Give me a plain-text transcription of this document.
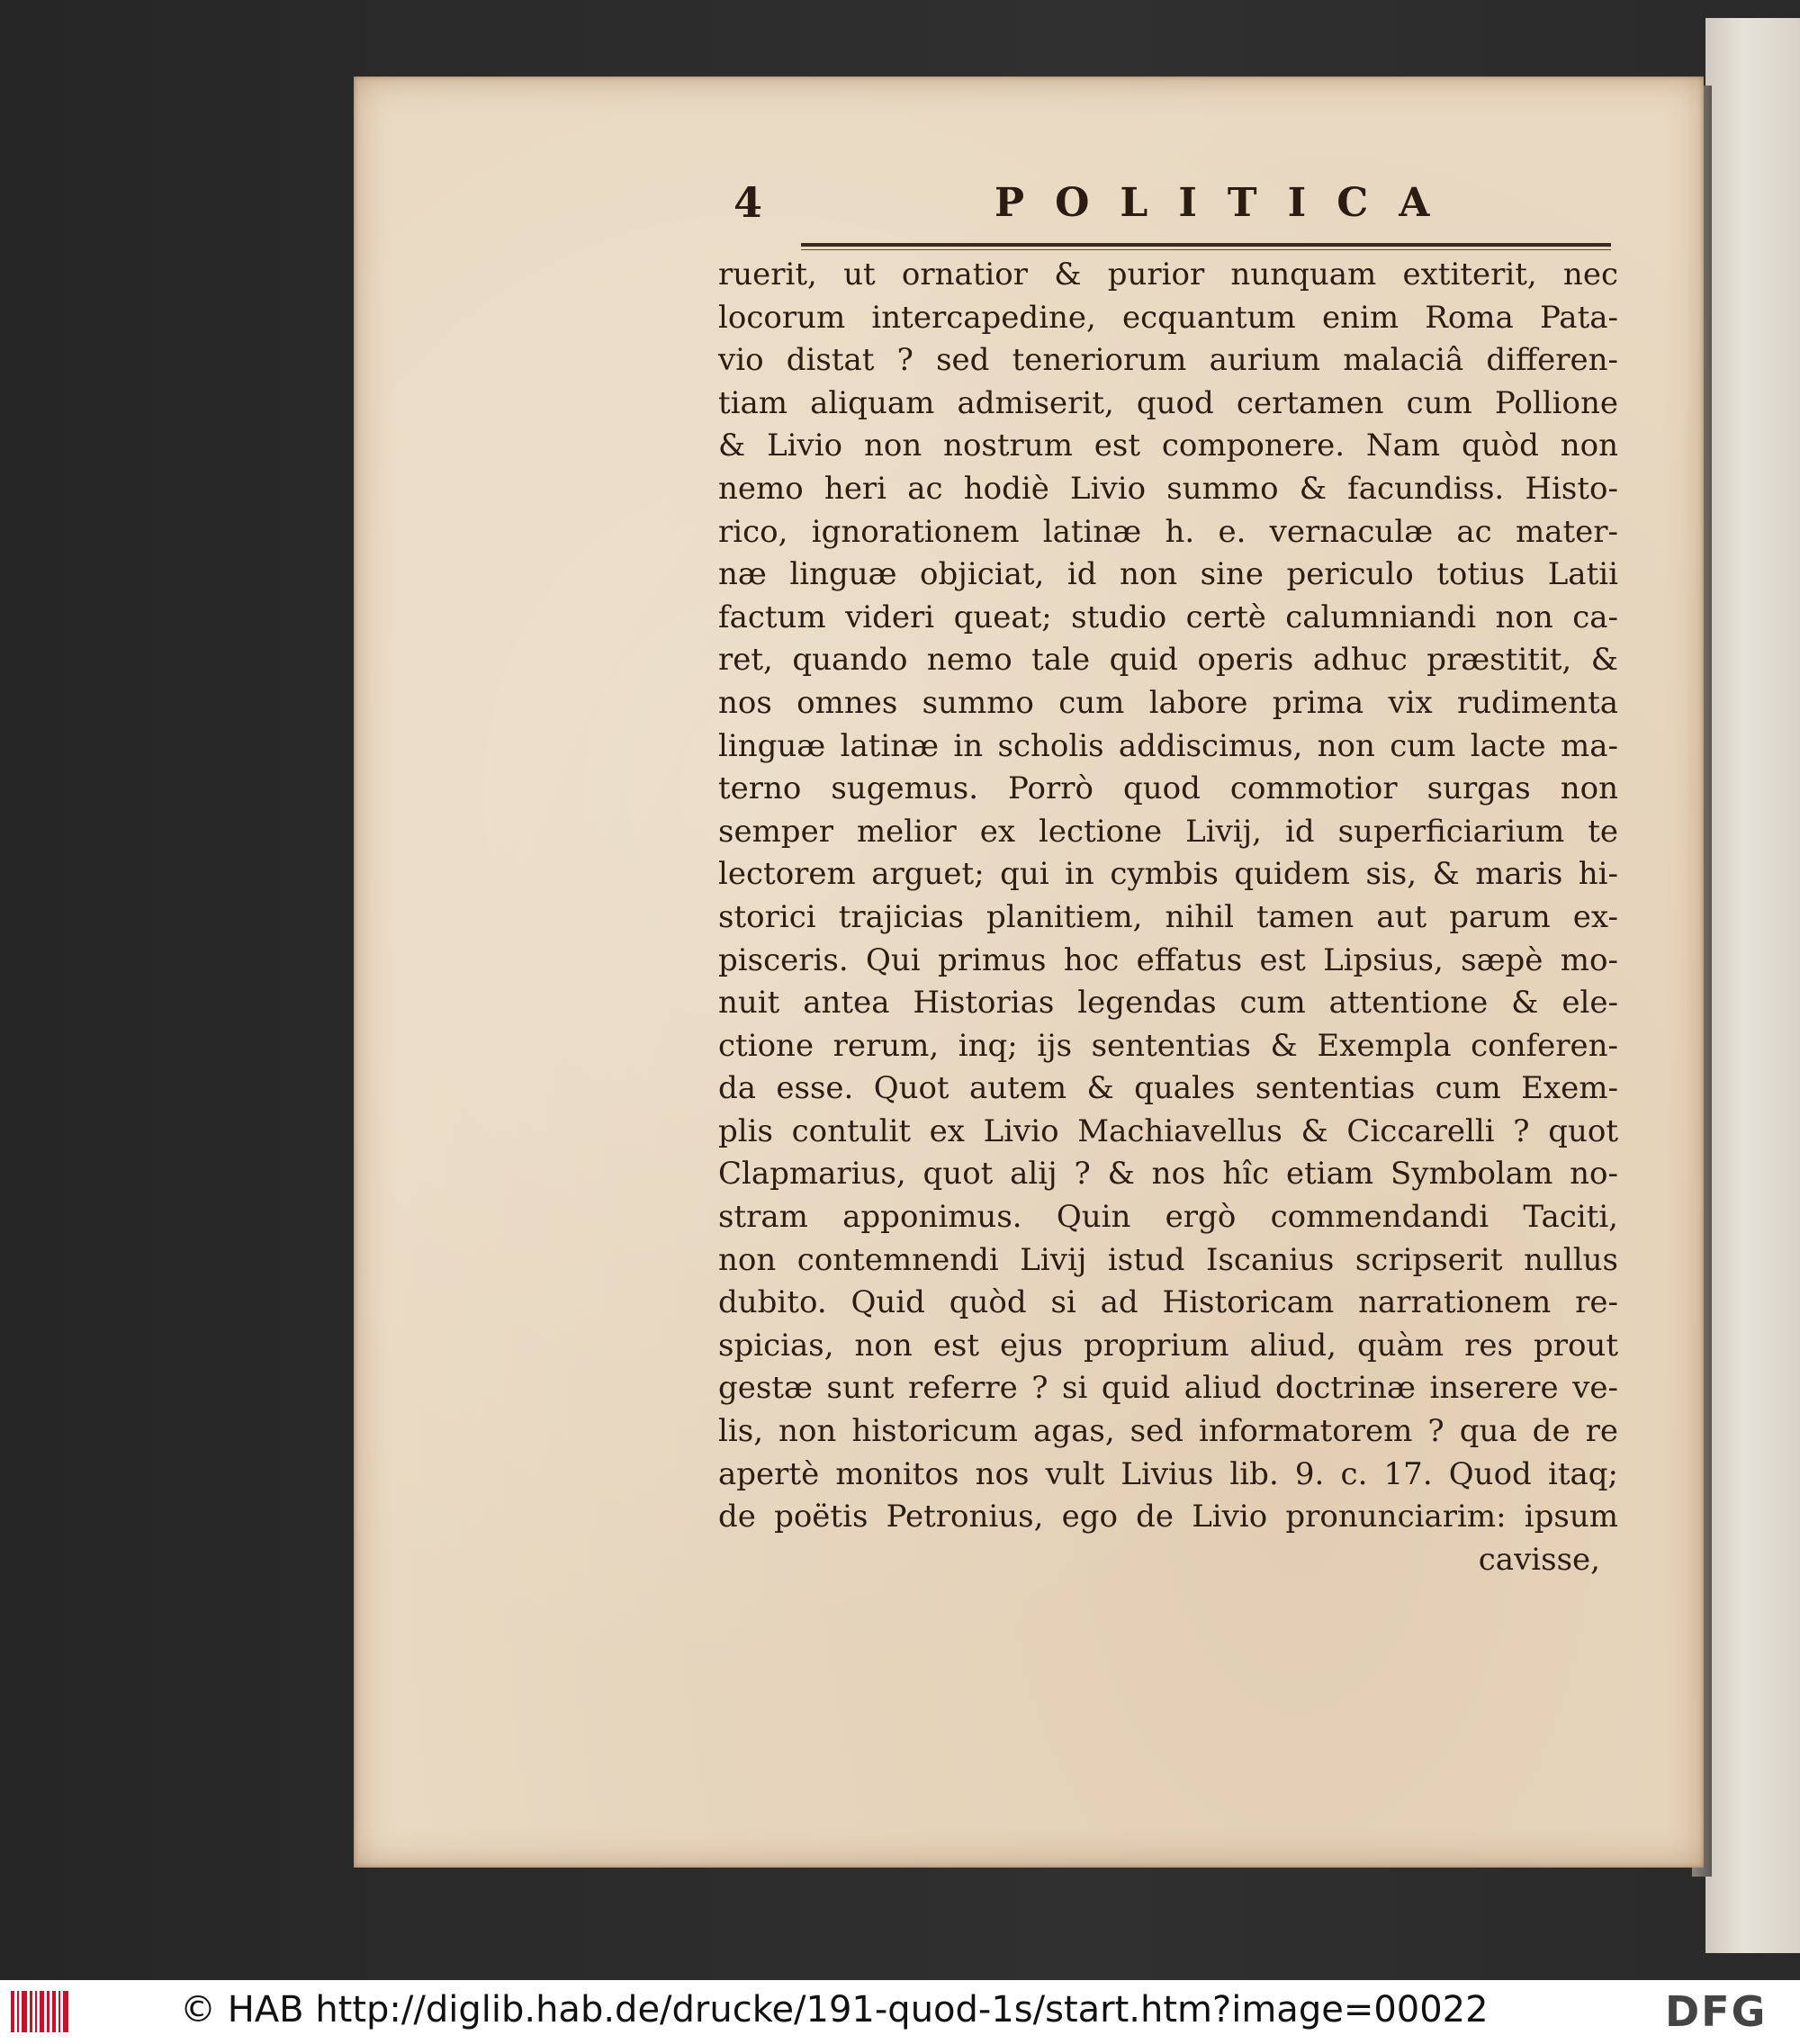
4	POLITICA
ruerit, ut ornatior & purior nunquam extiterit, nec
locorum intercapedine, ecquantum enim Roma Pata-
vio distat ? sed teneriorum aurium malaciâ differen-
tiam aliquam admiserit, quod certamen cum Pollione
& Livio non nostrum est componere. Nam quòd non
nemo heri ac hodiè Livio summo & facundiss. Histo-
rico, ignorationem latinæ h. e. vernaculæ ac mater-
næ linguæ objiciat, id non sine periculo totius Latii
factum videri queat; studio certè calumniandi non ca-
ret, quando nemo tale quid operis adhuc præstitit, &
nos omnes summo cum labore prima vix rudimenta
linguæ latinæ in scholis addiscimus, non cum lacte ma-
terno sugemus. Porrò quod commotior surgas non
semper melior ex lectione Livij, id superficiarium te
lectorem arguet; qui in cymbis quidem sis, & maris hi-
storici trajicias planitiem, nihil tamen aut parum ex-
pisceris. Qui primus hoc effatus est Lipsius, sæpè mo-
nuit antea Historias legendas cum attentione & ele-
ctione rerum, inq; ijs sententias & Exempla conferen-
da esse. Quot autem & quales sententias cum Exem-
plis contulit ex Livio Machiavellus & Ciccarelli ? quot
Clapmarius, quot alij ? & nos hîc etiam Symbolam no-
stram apponimus. Quin ergò commendandi Taciti,
non contemnendi Livij istud Iscanius scripserit nullus
dubito. Quid quòd si ad Historicam narrationem re-
spicias, non est ejus proprium aliud, quàm res prout
gestæ sunt referre ? si quid aliud doctrinæ inserere ve-
lis, non historicum agas, sed informatorem ? qua de re
apertè monitos nos vult Livius lib. 9. c. 17. Quod itaq;
de poëtis Petronius, ego de Livio pronunciarim: ipsum
cavisse,
© HAB http://diglib.hab.de/drucke/191-quod-1s/start.htm?image=00022	DFG
